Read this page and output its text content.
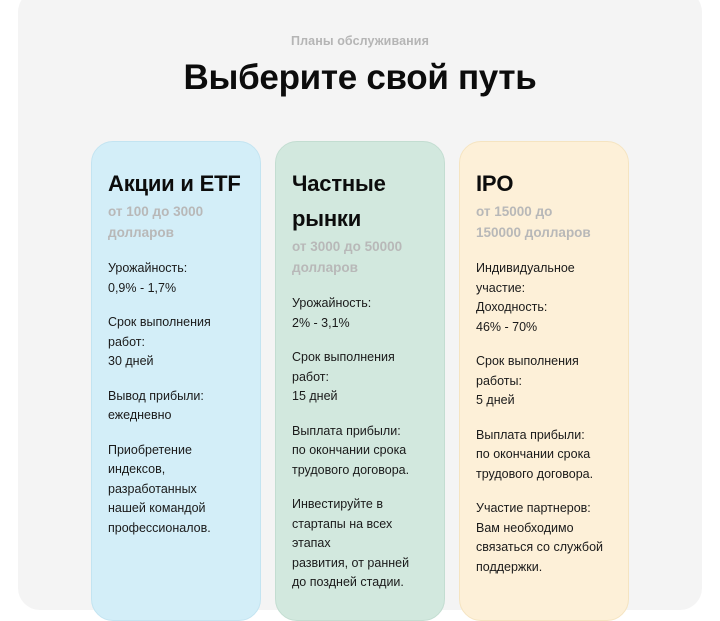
Планы обслуживания
Выберите свой путь
Акции и ETF
от 100 до 3000
долларов
Урожайность:
0,9% - 1,7%
Срок выполнения
работ:
30 дней
Вывод прибыли:
ежедневно
Приобретение
индексов,
разработанных
нашей командой
профессионалов.
Частные
рынки
от 3000 до 50000
долларов
Урожайность:
2% - 3,1%
Срок выполнения
работ:
15 дней
Выплата прибыли:
по окончании срока
трудового договора.
Инвестируйте в
стартапы на всех
этапах
развития, от ранней
до поздней стадии.
IPO
от 15000 до
150000 долларов
Индивидуальное
участие:
Доходность:
46% - 70%
Срок выполнения
работы:
5 дней
Выплата прибыли:
по окончании срока
трудового договора.
Участие партнеров:
Вам необходимо
связаться со службой
поддержки.
